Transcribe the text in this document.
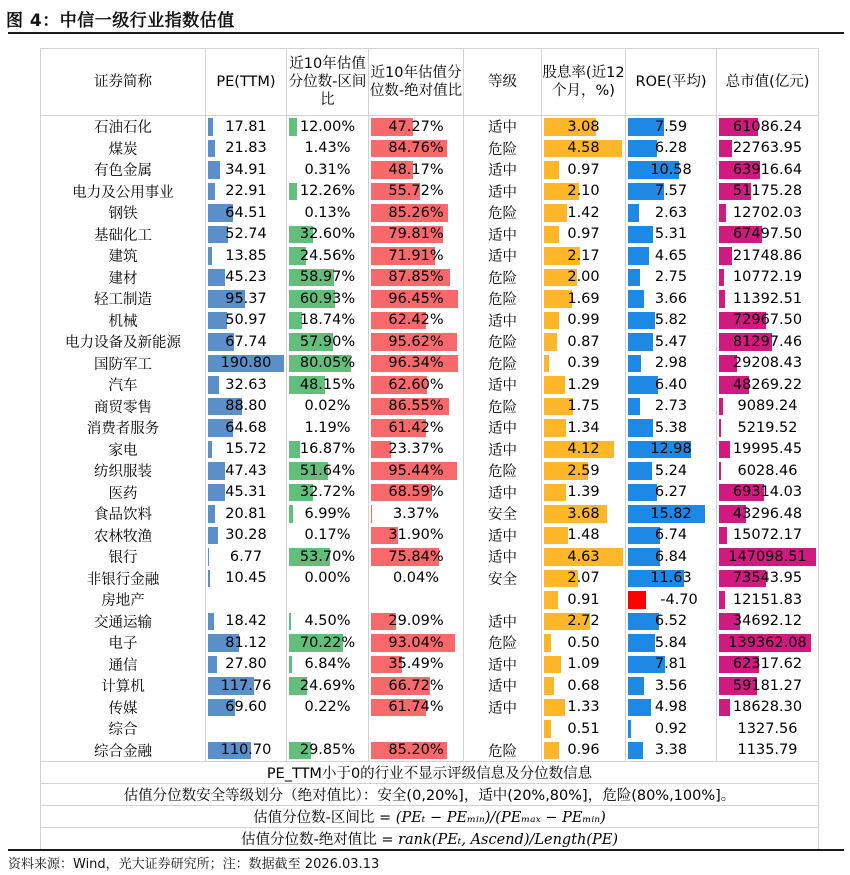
图 4：中信一级行业指数估值
证券简称	PE(TTM)	近10年估值分位数-区间比	近10年估值分位数-绝对值比	等级	股息率(近12个月，%)	ROE(平均)	总市值(亿元)
石油石化	17.81	12.00%	47.27%	适中	3.08	7.59	61086.24
煤炭	21.83	1.43%	84.76%	危险	4.58	6.28	22763.95
有色金属	34.91	0.31%	48.17%	适中	0.97	10.58	63916.64
电力及公用事业	22.91	12.26%	55.72%	适中	2.10	7.57	51175.28
钢铁	64.51	0.13%	85.26%	危险	1.42	2.63	12702.03
基础化工	52.74	32.60%	79.81%	适中	0.97	5.31	67497.50
建筑	13.85	24.56%	71.91%	适中	2.17	4.65	21748.86
建材	45.23	58.97%	87.85%	危险	2.00	2.75	10772.19
轻工制造	95.37	60.93%	96.45%	危险	1.69	3.66	11392.51
机械	50.97	18.74%	62.42%	适中	0.99	5.82	72967.50
电力设备及新能源	67.74	57.90%	95.62%	危险	0.87	5.47	81297.46
国防军工	190.80	80.05%	96.34%	危险	0.39	2.98	29208.43
汽车	32.63	48.15%	62.60%	适中	1.29	6.40	48269.22
商贸零售	88.80	0.02%	86.55%	危险	1.75	2.73	9089.24
消费者服务	64.68	1.19%	61.42%	适中	1.34	5.38	5219.52
家电	15.72	16.87%	23.37%	适中	4.12	12.98	19995.45
纺织服装	47.43	51.64%	95.44%	危险	2.59	5.24	6028.46
医药	45.31	32.72%	68.59%	适中	1.39	6.27	69314.03
食品饮料	20.81	6.99%	3.37%	安全	3.68	15.82	43296.48
农林牧渔	30.28	0.17%	31.90%	适中	1.48	6.74	15072.17
银行	6.77	53.70%	75.84%	适中	4.63	6.84	147098.51
非银行金融	10.45	0.00%	0.04%	安全	2.07	11.63	73543.95
房地产					0.91	-4.70	12151.83
交通运输	18.42	4.50%	29.09%	适中	2.72	6.52	34692.12
电子	81.12	70.22%	93.04%	危险	0.50	5.84	139362.08
通信	27.80	6.84%	35.49%	适中	1.09	7.81	62317.62
计算机	117.76	24.69%	66.72%	适中	0.68	3.56	59181.27
传媒	69.60	0.22%	61.74%	适中	1.33	4.98	18628.30
综合					0.51	0.92	1327.56
综合金融	110.70	29.85%	85.20%	危险	0.96	3.38	1135.79
PE_TTM小于0的行业不显示评级信息及分位数信息							
估值分位数安全等级划分（绝对值比）：安全(0,20%]，适中(20%,80%]，危险(80%,100%]。							
估值分位数-区间比 = (PEₜ − PEₘᵢₙ)/(PEₘₐₓ − PEₘᵢₙ)							
估值分位数-绝对值比 = rank(PEₜ, Ascend)/Length(PE)							
资料来源：Wind，光大证券研究所；注：数据截至 2026.03.13
